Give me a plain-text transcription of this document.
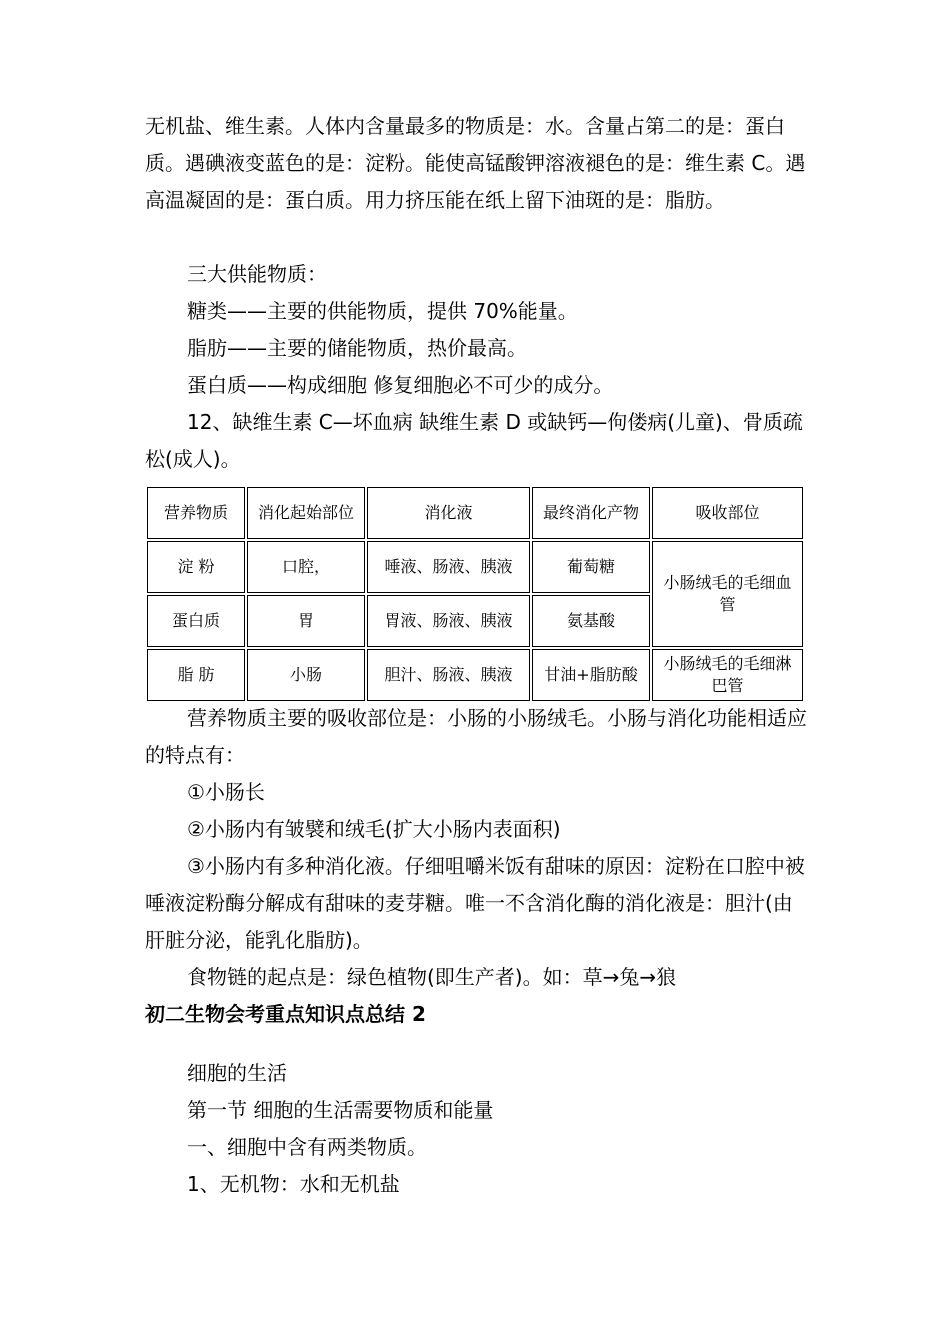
无机盐、维生素。人体内含量最多的物质是：水。含量占第二的是：蛋白质。遇碘液变蓝色的是：淀粉。能使高锰酸钾溶液褪色的是：维生素 C。遇高温凝固的是：蛋白质。用力挤压能在纸上留下油斑的是：脂肪。

三大供能物质：

糖类——主要的供能物质，提供 70%能量。

脂肪——主要的储能物质，热价最高。

蛋白质——构成细胞 修复细胞必不可少的成分。

12、缺维生素 C—坏血病 缺维生素 D 或缺钙—佝偻病(儿童)、骨质疏松(成人)。

营养物质	消化起始部位	消化液	最终消化产物	吸收部位
淀 粉	口腔，	唾液、肠液、胰液	葡萄糖	小肠绒毛的毛细血管
蛋白质	胃	胃液、肠液、胰液	氨基酸	
脂 肪	小肠	胆汁、肠液、胰液	甘油+脂肪酸	小肠绒毛的毛细淋巴管

营养物质主要的吸收部位是：小肠的小肠绒毛。小肠与消化功能相适应的特点有：

①小肠长

②小肠内有皱襞和绒毛(扩大小肠内表面积)

③小肠内有多种消化液。仔细咀嚼米饭有甜味的原因：淀粉在口腔中被唾液淀粉酶分解成有甜味的麦芽糖。唯一不含消化酶的消化液是：胆汁(由肝脏分泌，能乳化脂肪)。

食物链的起点是：绿色植物(即生产者)。如：草→兔→狼

初二生物会考重点知识点总结 2

细胞的生活

第一节 细胞的生活需要物质和能量

一、细胞中含有两类物质。

1、无机物：水和无机盐
